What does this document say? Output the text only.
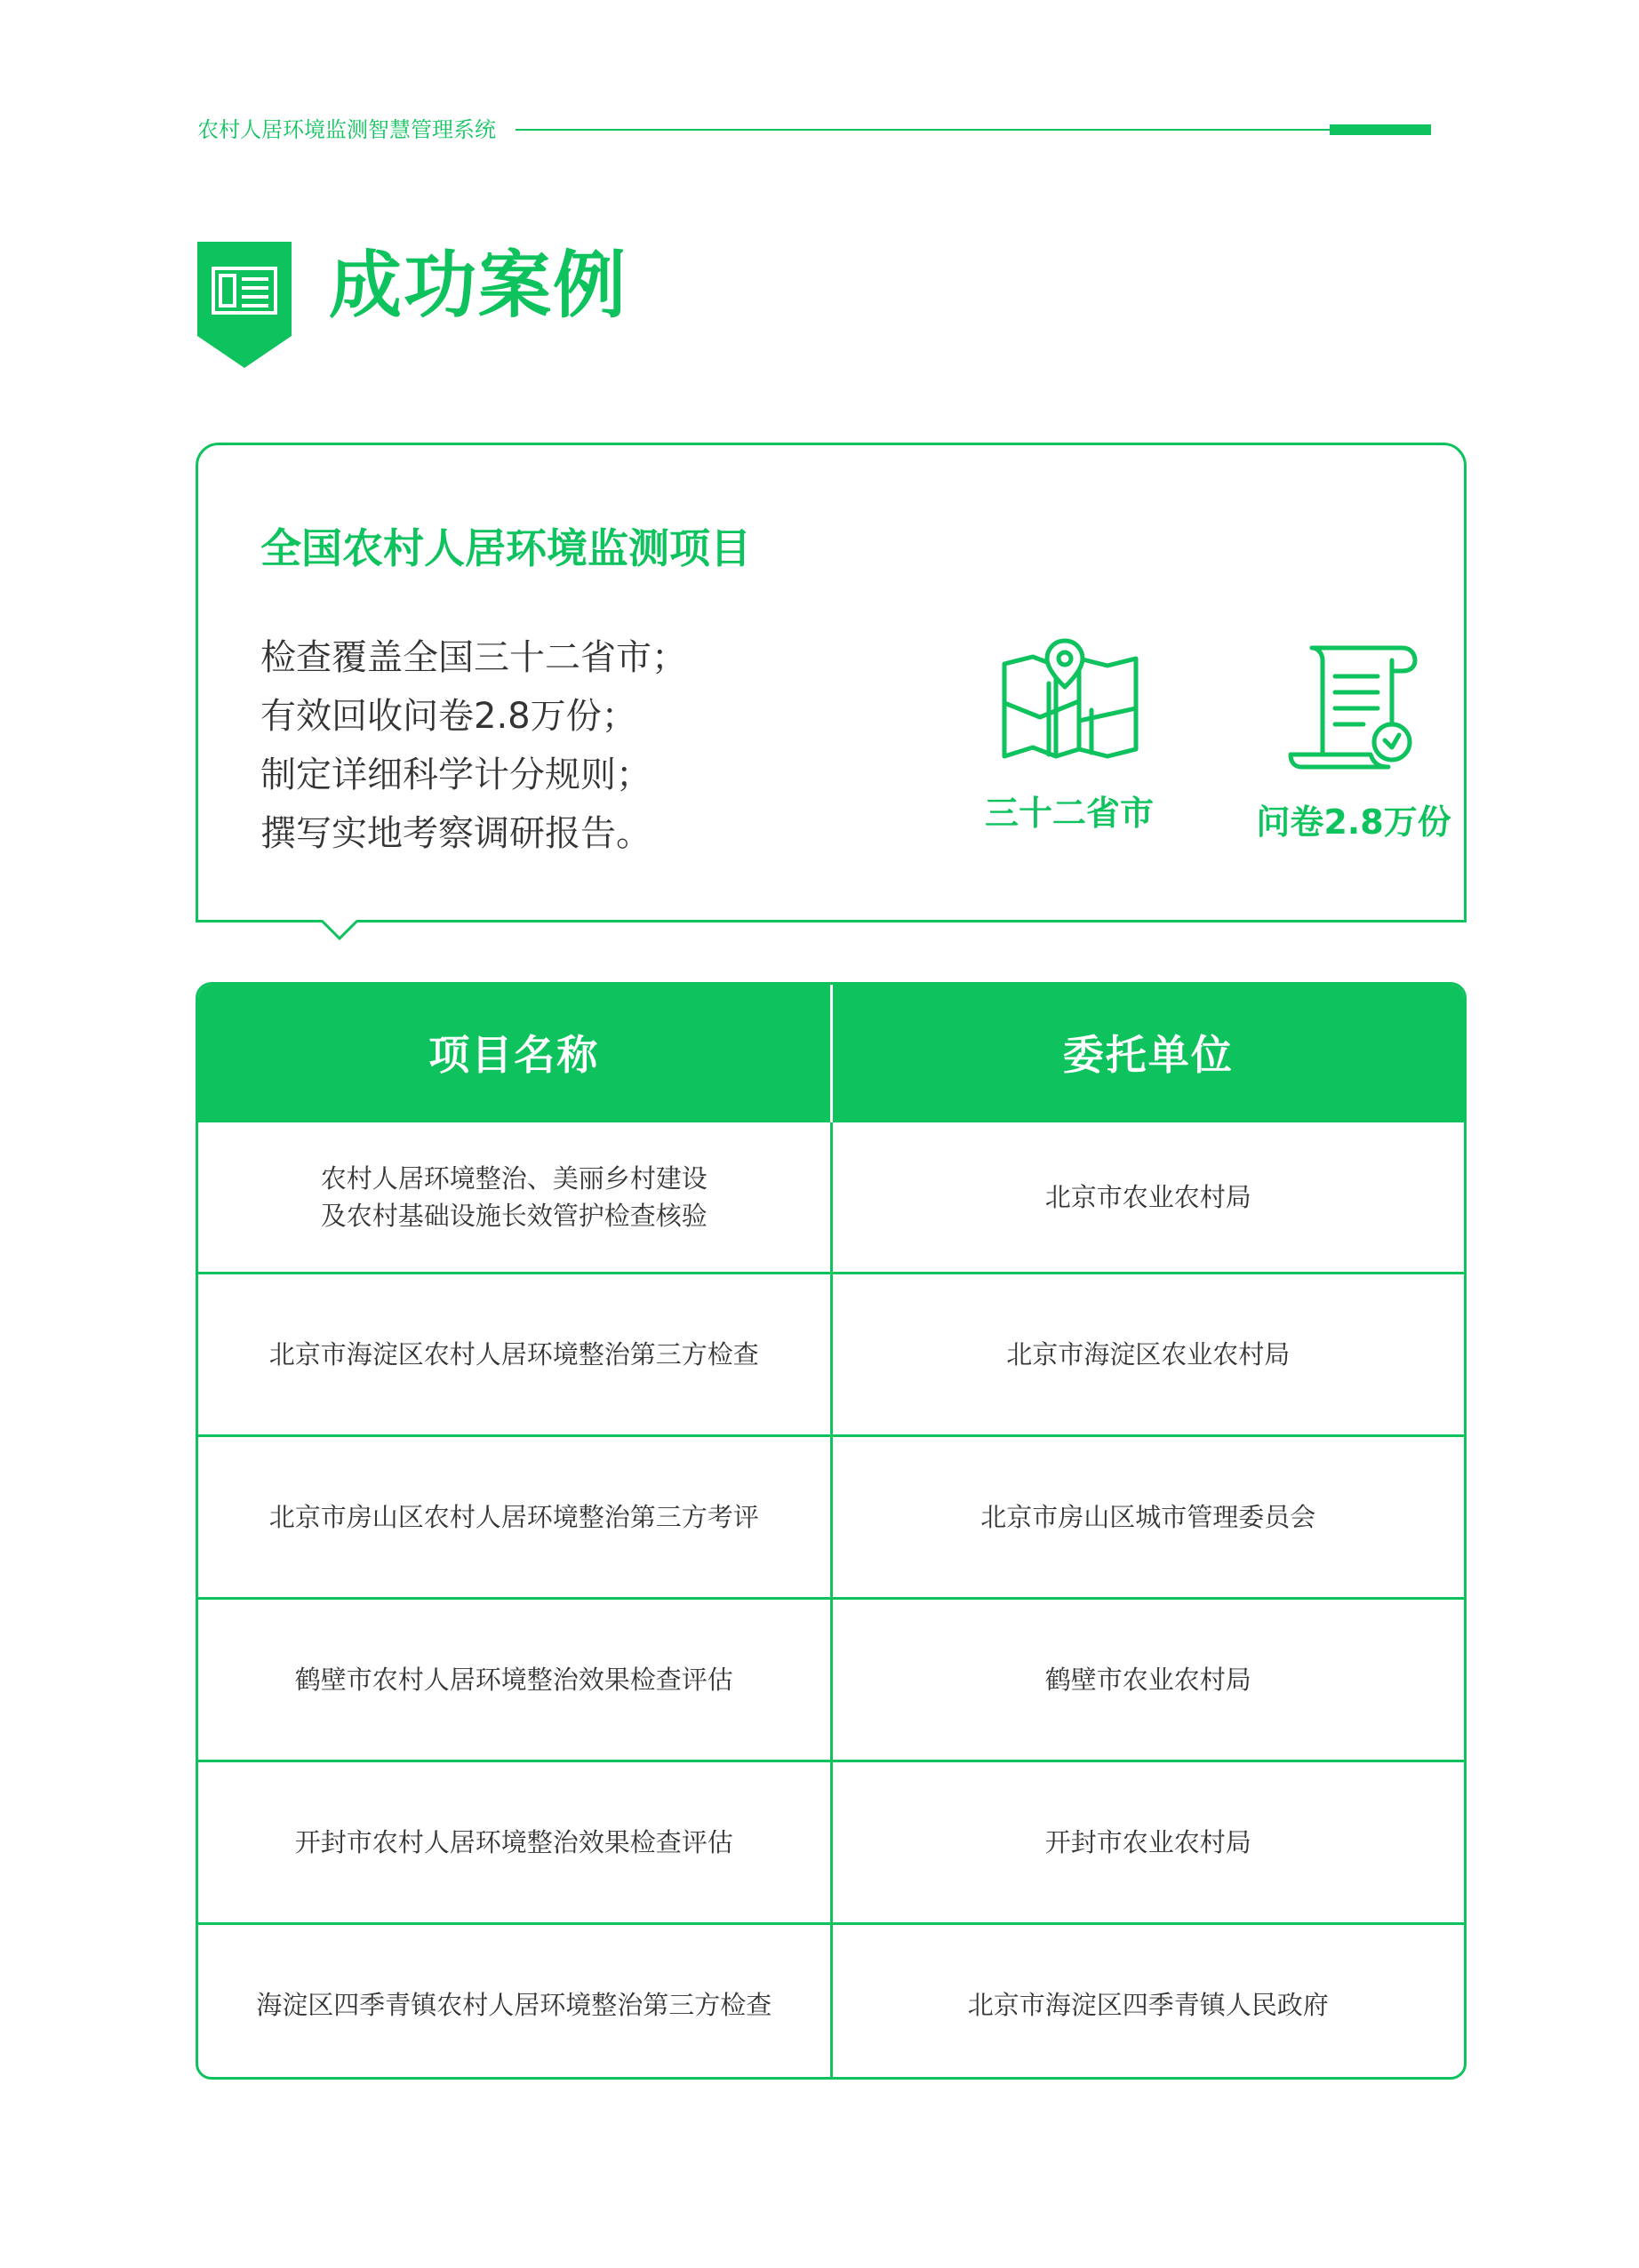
农村人居环境监测智慧管理系统
成功案例
全国农村人居环境监测项目
检查覆盖全国三十二省市；
有效回收问卷2.8万份；
制定详细科学计分规则；
撰写实地考察调研报告。	三十二省市	问卷2.8万份
项目名称	委托单位

农村人居环境整治、美丽乡村建设
及农村基础设施长效管护检查核验	北京市农业农村局

北京市海淀区农村人居环境整治第三方检查	北京市海淀区农业农村局

北京市房山区农村人居环境整治第三方考评	北京市房山区城市管理委员会

鹤壁市农村人居环境整治效果检查评估	鹤壁市农业农村局

开封市农村人居环境整治效果检查评估	开封市农业农村局

海淀区四季青镇农村人居环境整治第三方检查	北京市海淀区四季青镇人民政府
